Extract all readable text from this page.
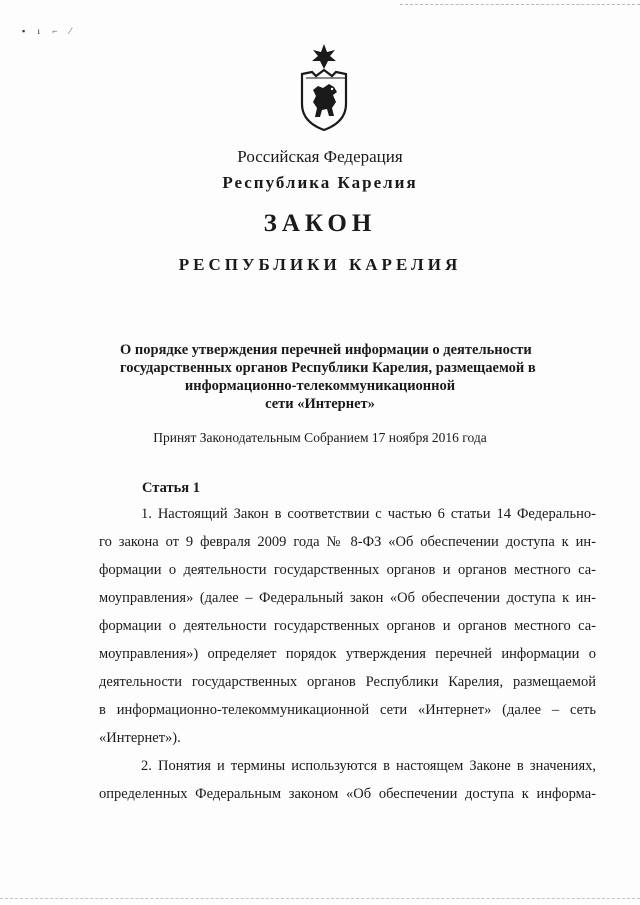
▪ ı ⌐ ⁄
Российская Федерация
Республика Карелия
ЗАКОН
РЕСПУБЛИКИ КАРЕЛИЯ
О порядке утверждения перечней информации о деятельности
государственных органов Республики Карелия, размещаемой в
информационно-телекоммуникационной
сети «Интернет»
Принят Законодательным Собранием 17 ноября 2016 года
Статья 1
1. Настоящий Закон в соответствии с частью 6 статьи 14 Федерально-
го закона от 9 февраля 2009 года № 8-ФЗ «Об обеспечении доступа к ин-
формации о деятельности государственных органов и органов местного са-
моуправления» (далее – Федеральный закон «Об обеспечении доступа к ин-
формации о деятельности государственных органов и органов местного са-
моуправления») определяет порядок утверждения перечней информации о
деятельности государственных органов Республики Карелия, размещаемой
в информационно-телекоммуникационной сети «Интернет» (далее – сеть
«Интернет»).
2. Понятия и термины используются в настоящем Законе в значениях,
определенных Федеральным законом «Об обеспечении доступа к информа-
